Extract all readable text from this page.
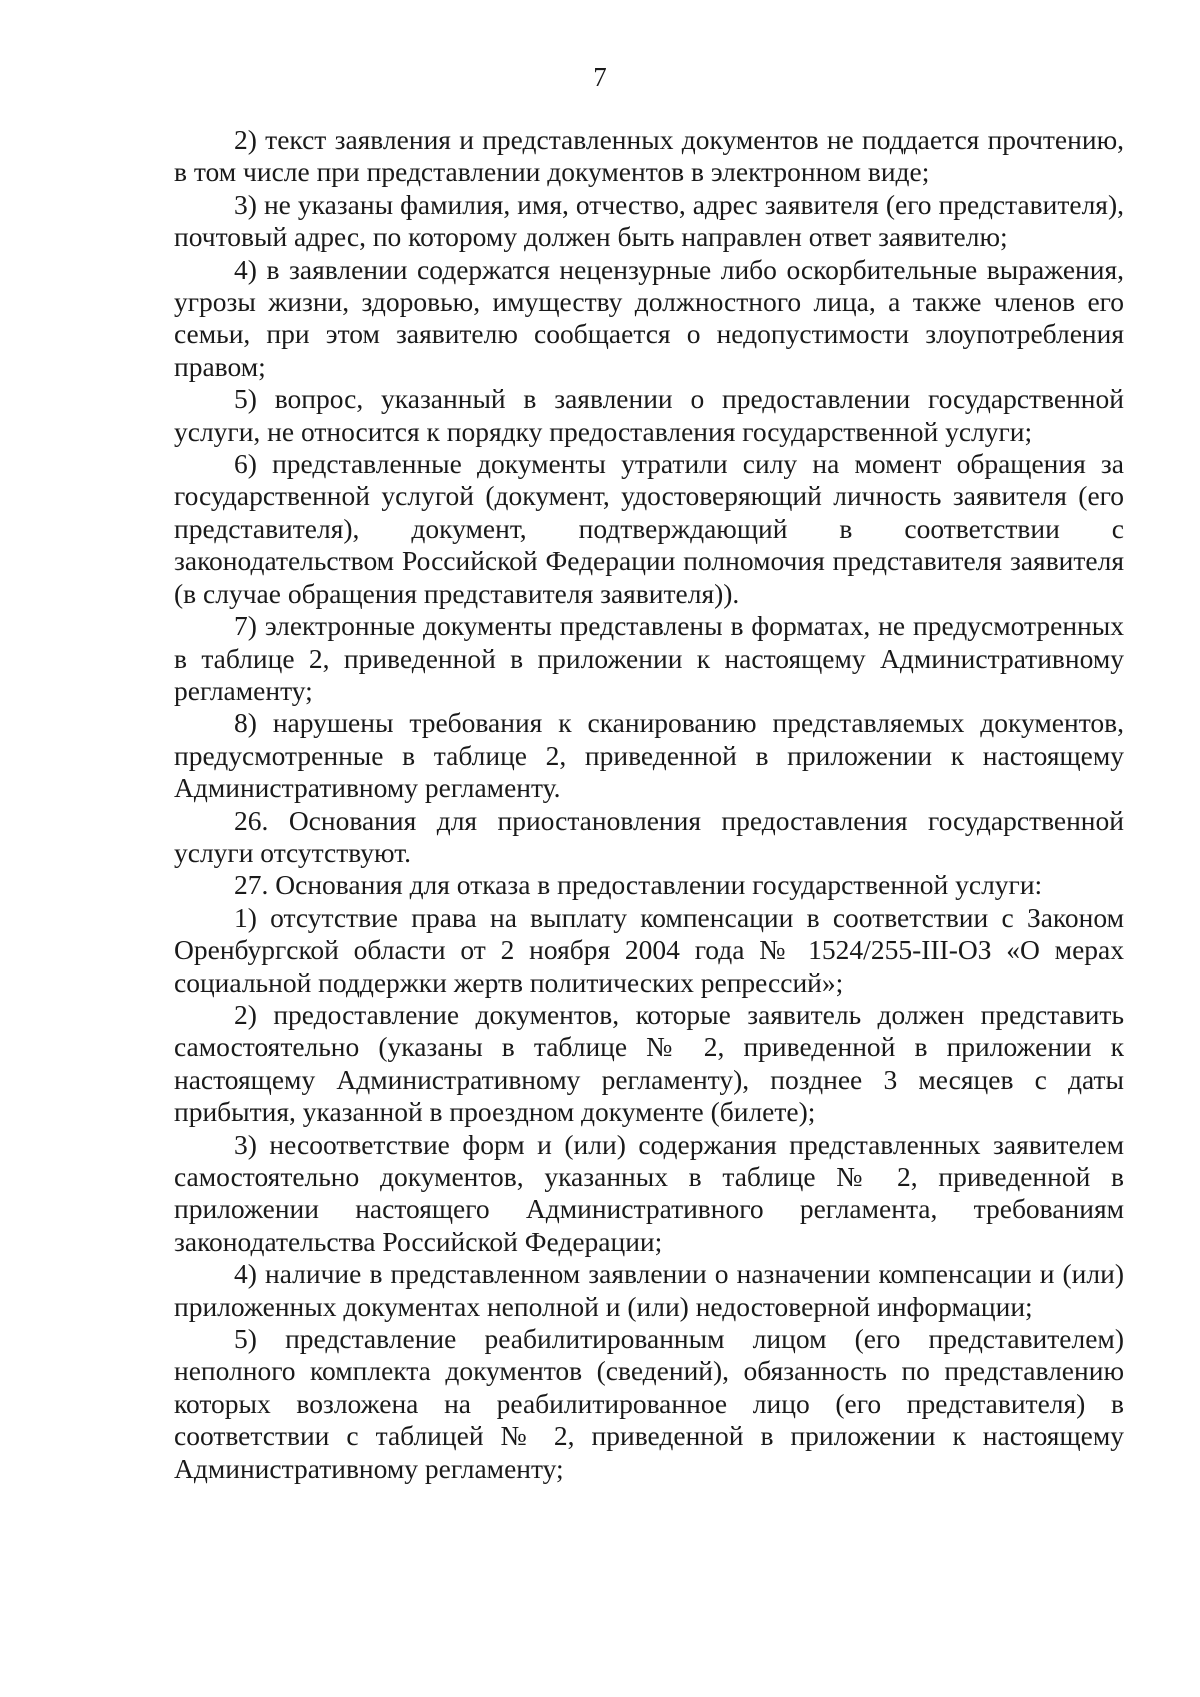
7

2) текст заявления и представленных документов не поддается прочтению, в том числе при представлении документов в электронном виде;

3) не указаны фамилия, имя, отчество, адрес заявителя (его представителя), почтовый адрес, по которому должен быть направлен ответ заявителю;

4) в заявлении содержатся нецензурные либо оскорбительные выражения, угрозы жизни, здоровью, имуществу должностного лица, а также членов его семьи, при этом заявителю сообщается о недопустимости злоупотребления правом;

5) вопрос, указанный в заявлении о предоставлении государственной услуги, не относится к порядку предоставления государственной услуги;

6) представленные документы утратили силу на момент обращения за государственной услугой (документ, удостоверяющий личность заявителя (его представителя), документ, подтверждающий в соответствии с законодательством Российской Федерации полномочия представителя заявителя (в случае обращения представителя заявителя)).

7) электронные документы представлены в форматах, не предусмотренных в таблице 2, приведенной в приложении к настоящему Административному регламенту;

8) нарушены требования к сканированию представляемых документов, предусмотренные в таблице 2, приведенной в приложении к настоящему Административному регламенту.

26. Основания для приостановления предоставления государственной услуги отсутствуют.

27. Основания для отказа в предоставлении государственной услуги:

1) отсутствие права на выплату компенсации в соответствии с Законом Оренбургской области от 2 ноября 2004 года № 1524/255-III-ОЗ «О мерах социальной поддержки жертв политических репрессий»;

2) предоставление документов, которые заявитель должен представить самостоятельно (указаны в таблице № 2, приведенной в приложении к настоящему Административному регламенту), позднее 3 месяцев с даты прибытия, указанной в проездном документе (билете);

3) несоответствие форм и (или) содержания представленных заявителем самостоятельно документов, указанных в таблице № 2, приведенной в приложении настоящего Административного регламента, требованиям законодательства Российской Федерации;

4) наличие в представленном заявлении о назначении компенсации и (или) приложенных документах неполной и (или) недостоверной информации;

5) представление реабилитированным лицом (его представителем) неполного комплекта документов (сведений), обязанность по представлению которых возложена на реабилитированное лицо (его представителя) в соответствии с таблицей № 2, приведенной в приложении к настоящему Административному регламенту;
